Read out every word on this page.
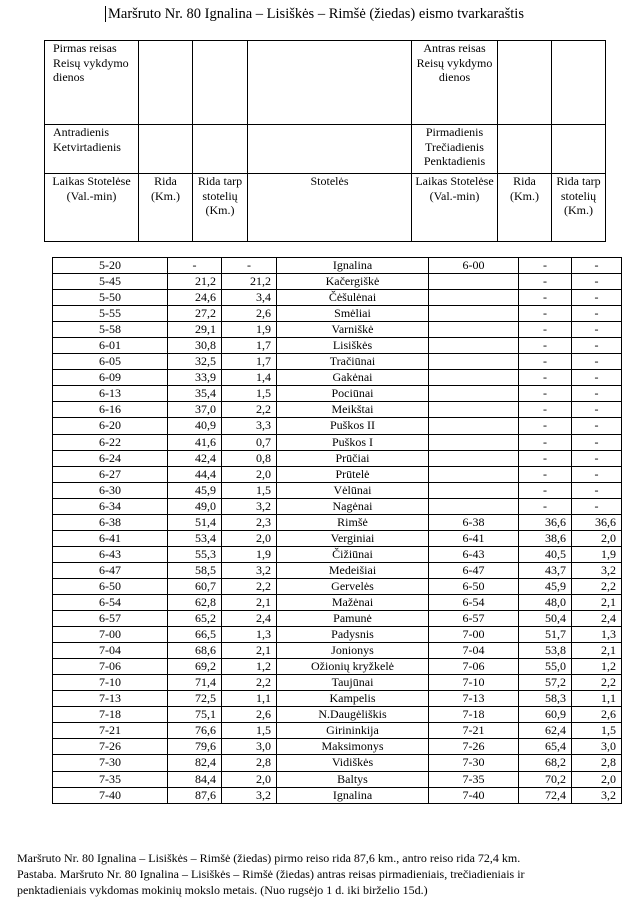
Maršruto Nr. 80 Ignalina – Lisiškės – Rimšė (žiedas) eismo tvarkaraštis
Pirmas reisas Reisų vykdymo dienos				Antras reisas Reisų vykdymo dienos		
Antradienis Ketvirtadienis				Pirmadienis Trečiadienis Penktadienis		
Laikas Stotelėse (Val.-min)	Rida (Km.)	Rida tarp stotelių (Km.)	Stotelės	Laikas Stotelėse (Val.-min)	Rida (Km.)	Rida tarp stotelių (Km.)
5-20	-	-	Ignalina	6-00	-	-
5-45	21,2	21,2	Kačergiškė		-	-
5-50	24,6	3,4	Čėšulėnai		-	-
5-55	27,2	2,6	Smėliai		-	-
5-58	29,1	1,9	Varniškė		-	-
6-01	30,8	1,7	Lisiškės		-	-
6-05	32,5	1,7	Tračiūnai		-	-
6-09	33,9	1,4	Gakėnai		-	-
6-13	35,4	1,5	Pociūnai		-	-
6-16	37,0	2,2	Meikštai		-	-
6-20	40,9	3,3	Puškos II		-	-
6-22	41,6	0,7	Puškos I		-	-
6-24	42,4	0,8	Prūčiai		-	-
6-27	44,4	2,0	Prūtelė		-	-
6-30	45,9	1,5	Vėlūnai		-	-
6-34	49,0	3,2	Nagėnai		-	-
6-38	51,4	2,3	Rimšė	6-38	36,6	36,6
6-41	53,4	2,0	Verginiai	6-41	38,6	2,0
6-43	55,3	1,9	Čižiūnai	6-43	40,5	1,9
6-47	58,5	3,2	Medeišiai	6-47	43,7	3,2
6-50	60,7	2,2	Gervelės	6-50	45,9	2,2
6-54	62,8	2,1	Mažėnai	6-54	48,0	2,1
6-57	65,2	2,4	Pamunė	6-57	50,4	2,4
7-00	66,5	1,3	Padysnis	7-00	51,7	1,3
7-04	68,6	2,1	Jonionys	7-04	53,8	2,1
7-06	69,2	1,2	Ožionių kryžkelė	7-06	55,0	1,2
7-10	71,4	2,2	Taujūnai	7-10	57,2	2,2
7-13	72,5	1,1	Kampelis	7-13	58,3	1,1
7-18	75,1	2,6	N.Daugėliškis	7-18	60,9	2,6
7-21	76,6	1,5	Girininkija	7-21	62,4	1,5
7-26	79,6	3,0	Maksimonys	7-26	65,4	3,0
7-30	82,4	2,8	Vidiškės	7-30	68,2	2,8
7-35	84,4	2,0	Baltys	7-35	70,2	2,0
7-40	87,6	3,2	Ignalina	7-40	72,4	3,2
Maršruto Nr. 80 Ignalina – Lisiškės – Rimšė (žiedas) pirmo reiso rida 87,6 km., antro reiso rida 72,4 km.
Pastaba. Maršruto Nr. 80 Ignalina – Lisiškės – Rimšė (žiedas) antras reisas pirmadieniais, trečiadieniais ir
penktadieniais vykdomas mokinių mokslo metais. (Nuo rugsėjo 1 d. iki birželio 15d.)
